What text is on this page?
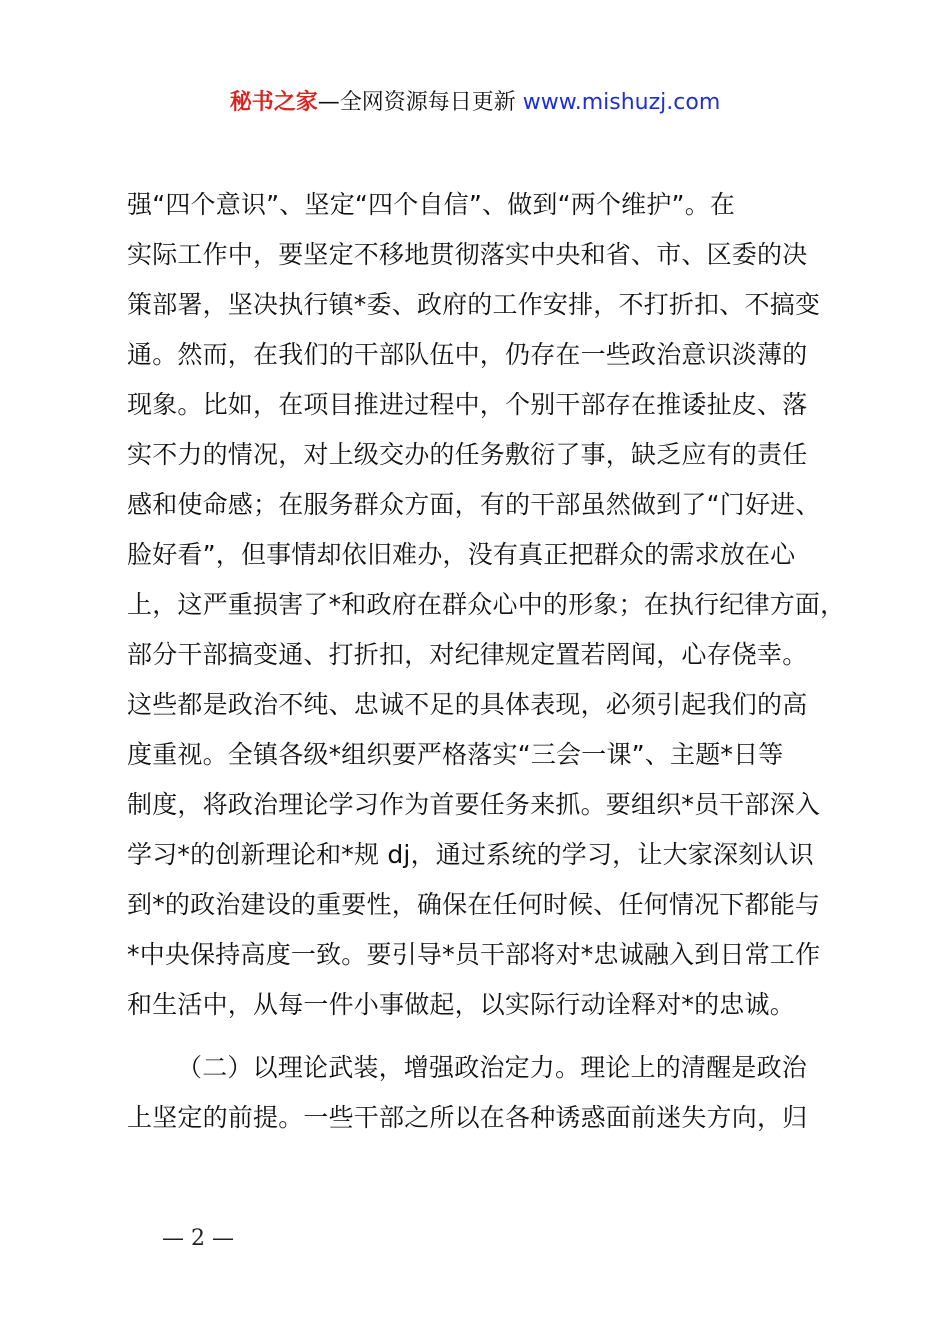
秘书之家—全网资源每日更新 www.mishuzj.com
强“四个意识”、坚定“四个自信”、做到“两个维护”。在
实际工作中，要坚定不移地贯彻落实中央和省、市、区委的决
策部署，坚决执行镇*委、政府的工作安排，不打折扣、不搞变
通。然而，在我们的干部队伍中，仍存在一些政治意识淡薄的
现象。比如，在项目推进过程中，个别干部存在推诿扯皮、落
实不力的情况，对上级交办的任务敷衍了事，缺乏应有的责任
感和使命感；在服务群众方面，有的干部虽然做到了“门好进、
脸好看”，但事情却依旧难办，没有真正把群众的需求放在心
上，这严重损害了*和政府在群众心中的形象；在执行纪律方面，
部分干部搞变通、打折扣，对纪律规定置若罔闻，心存侥幸。
这些都是政治不纯、忠诚不足的具体表现，必须引起我们的高
度重视。全镇各级*组织要严格落实“三会一课”、主题*日等
制度，将政治理论学习作为首要任务来抓。要组织*员干部深入
学习*的创新理论和*规 dj，通过系统的学习，让大家深刻认识
到*的政治建设的重要性，确保在任何时候、任何情况下都能与
*中央保持高度一致。要引导*员干部将对*忠诚融入到日常工作
和生活中，从每一件小事做起，以实际行动诠释对*的忠诚。
（二）以理论武装，增强政治定力。理论上的清醒是政治
上坚定的前提。一些干部之所以在各种诱惑面前迷失方向，归
— 2 —
